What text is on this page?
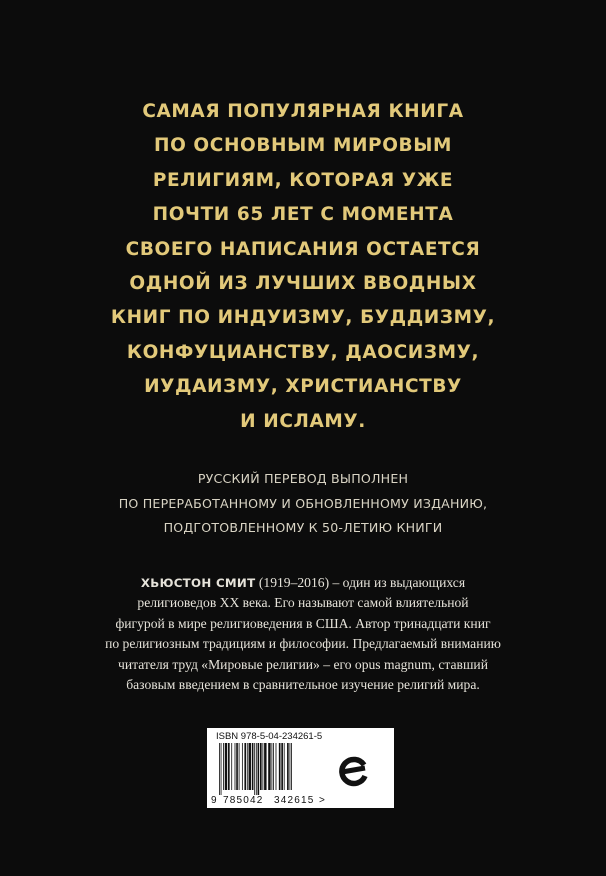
САМАЯ ПОПУЛЯРНАЯ КНИГА
ПО ОСНОВНЫМ МИРОВЫМ
РЕЛИГИЯМ, КОТОРАЯ УЖЕ
ПОЧТИ 65 ЛЕТ С МОМЕНТА
СВОЕГО НАПИСАНИЯ ОСТАЕТСЯ
ОДНОЙ ИЗ ЛУЧШИХ ВВОДНЫХ
КНИГ ПО ИНДУИЗМУ, БУДДИЗМУ,
КОНФУЦИАНСТВУ, ДАОСИЗМУ,
ИУДАИЗМУ, ХРИСТИАНСТВУ
И ИСЛАМУ.
РУССКИЙ ПЕРЕВОД ВЫПОЛНЕН
ПО ПЕРЕРАБОТАННОМУ И ОБНОВЛЕННОМУ ИЗДАНИЮ,
ПОДГОТОВЛЕННОМУ К 50-ЛЕТИЮ КНИГИ
ХЬЮСТОН СМИТ (1919–2016) – один из выдающихся
религиоведов XX века. Его называют самой влиятельной
фигурой в мире религиоведения в США. Автор тринадцати книг
по религиозным традициям и философии. Предлагаемый вниманию
читателя труд «Мировые религии» – его opus magnum, ставший
базовым введением в сравнительное изучение религий мира.
ISBN 978-5-04-234261-5
9 785042 342615 >
